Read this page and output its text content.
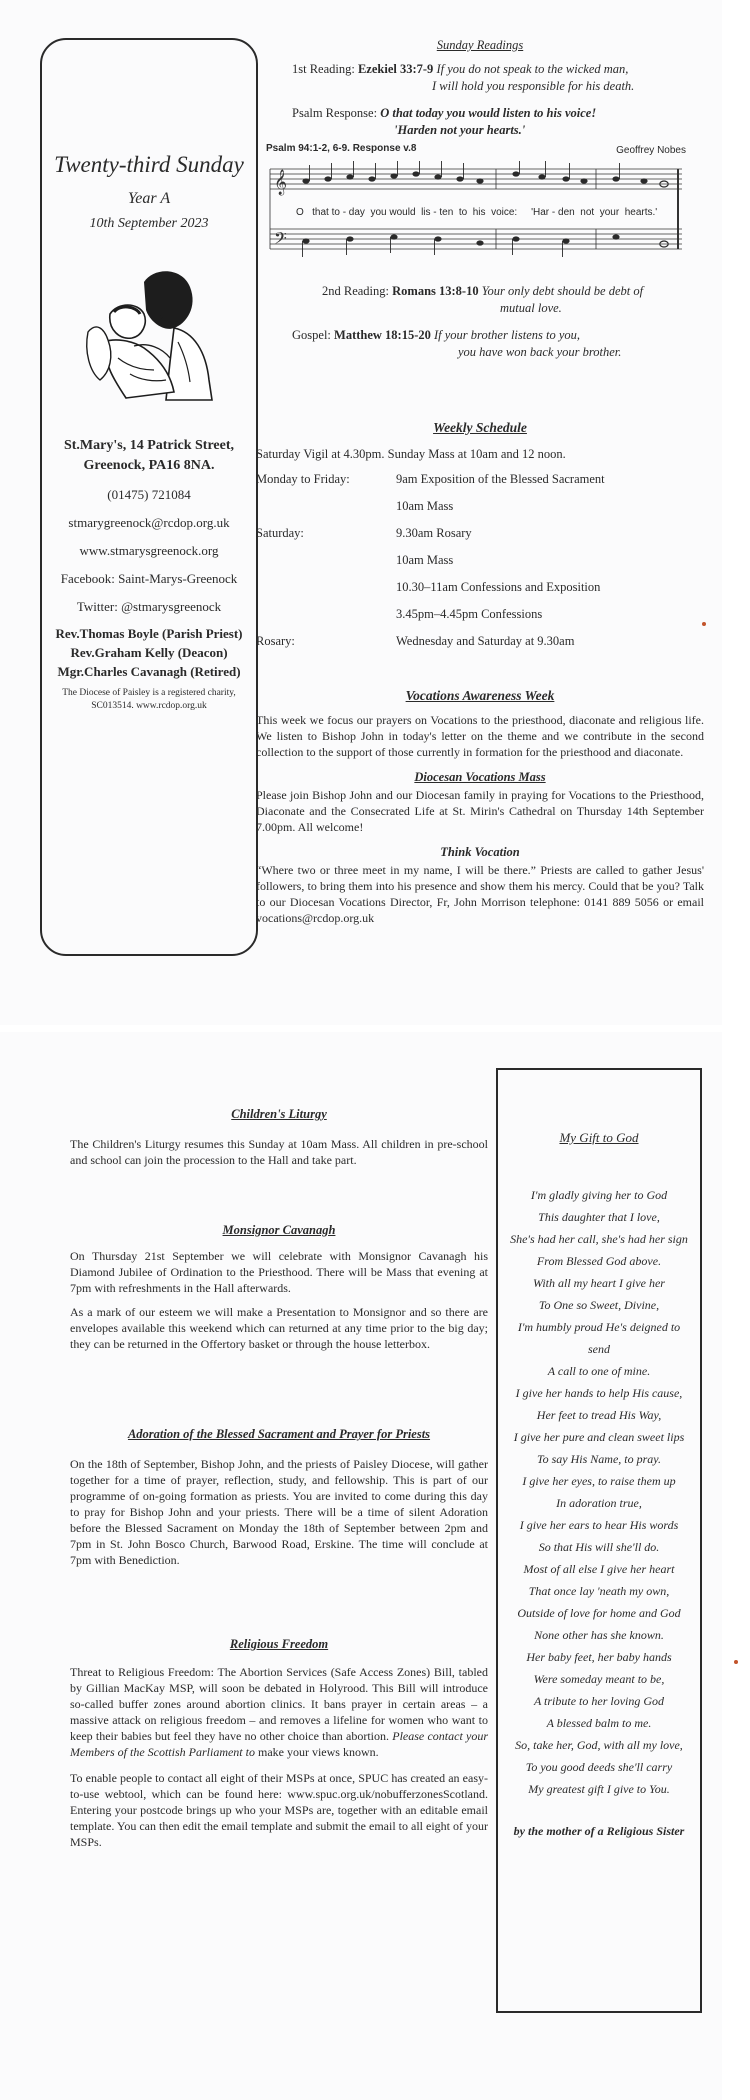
Twenty-third Sunday
Year A
10th September 2023
St.Mary's, 14 Patrick Street,
Greenock, PA16 8NA.
(01475) 721084
stmarygreenock@rcdop.org.uk
www.stmarysgreenock.org
Facebook: Saint-Marys-Greenock
Twitter: @stmarysgreenock
Rev.Thomas Boyle (Parish Priest)
Rev.Graham Kelly (Deacon)
Mgr.Charles Cavanagh (Retired)
The Diocese of Paisley is a registered charity,
SC013514. www.rcdop.org.uk
Sunday Readings
1st Reading: Ezekiel 33:7-9 If you do not speak to the wicked man,
I will hold you responsible for his death.
Psalm Response: O that today you would listen to his voice!
'Harden not your hearts.'
Psalm 94:1-2, 6-9. Response v.8	Geoffrey Nobes
𝄞
𝄢
O   that to - day  you would  lis - ten  to  his  voice:     'Har - den  not  your  hearts.'
2nd Reading: Romans 13:8-10 Your only debt should be debt of
mutual love.
Gospel: Matthew 18:15-20 If your brother listens to you,
you have won back your brother.
Weekly Schedule
Saturday Vigil at 4.30pm. Sunday Mass at 10am and 12 noon.
Monday to Friday:	9am Exposition of the Blessed Sacrament
10am Mass
Saturday:	9.30am Rosary
10am Mass
10.30–11am Confessions and Exposition
3.45pm–4.45pm Confessions
Rosary:	Wednesday and Saturday at 9.30am
Vocations Awareness Week
This week we focus our prayers on Vocations to the priesthood, diaconate and religious life. We listen to Bishop John in today's letter on the theme and we contribute in the second collection to the support of those currently in formation for the priesthood and diaconate.
Diocesan Vocations Mass
Please join Bishop John and our Diocesan family in praying for Vocations to the Priesthood, Diaconate and the Consecrated Life at St. Mirin's Cathedral on Thursday 14th September 7.00pm. All welcome!
Think Vocation
“Where two or three meet in my name, I will be there.” Priests are called to gather Jesus' followers, to bring them into his presence and show them his mercy. Could that be you? Talk to our Diocesan Vocations Director, Fr, John Morrison telephone: 0141 889 5056 or email vocations@rcdop.org.uk
Children's Liturgy
The Children's Liturgy resumes this Sunday at 10am Mass. All children in pre-school and school can join the procession to the Hall and take part.
Monsignor Cavanagh
On Thursday 21st September we will celebrate with Monsignor Cavanagh his Diamond Jubilee of Ordination to the Priesthood. There will be Mass that evening at 7pm with refreshments in the Hall afterwards.
As a mark of our esteem we will make a Presentation to Monsignor and so there are envelopes available this weekend which can returned at any time prior to the big day; they can be returned in the Offertory basket or through the house letterbox.
Adoration of the Blessed Sacrament and Prayer for Priests
On the 18th of September, Bishop John, and the priests of Paisley Diocese, will gather together for a time of prayer, reflection, study, and fellowship. This is part of our programme of on-going formation as priests. You are invited to come during this day to pray for Bishop John and your priests. There will be a time of silent Adoration before the Blessed Sacrament on Monday the 18th of September between 2pm and 7pm in St. John Bosco Church, Barwood Road, Erskine. The time will conclude at 7pm with Benediction.
Religious Freedom
Threat to Religious Freedom: The Abortion Services (Safe Access Zones) Bill, tabled by Gillian MacKay MSP, will soon be debated in Holyrood. This Bill will introduce so-called buffer zones around abortion clinics. It bans prayer in certain areas – a massive attack on religious freedom – and removes a lifeline for women who want to keep their babies but feel they have no other choice than abortion. Please contact your Members of the Scottish Parliament to make your views known.
To enable people to contact all eight of their MSPs at once, SPUC has created an easy-to-use webtool, which can be found here: www.spuc.org.uk/nobufferzonesScotland. Entering your postcode brings up who your MSPs are, together with an editable email template. You can then edit the email template and submit the email to all eight of your MSPs.
My Gift to God
I'm gladly giving her to God
This daughter that I love,
She's had her call, she's had her sign
From Blessed God above.
With all my heart I give her
To One so Sweet, Divine,
I'm humbly proud He's deigned to
send
A call to one of mine.
I give her hands to help His cause,
Her feet to tread His Way,
I give her pure and clean sweet lips
To say His Name, to pray.
I give her eyes, to raise them up
In adoration true,
I give her ears to hear His words
So that His will she'll do.
Most of all else I give her heart
That once lay 'neath my own,
Outside of love for home and God
None other has she known.
Her baby feet, her baby hands
Were someday meant to be,
A tribute to her loving God
A blessed balm to me.
So, take her, God, with all my love,
To you good deeds she'll carry
My greatest gift I give to You.
by the mother of a Religious Sister
